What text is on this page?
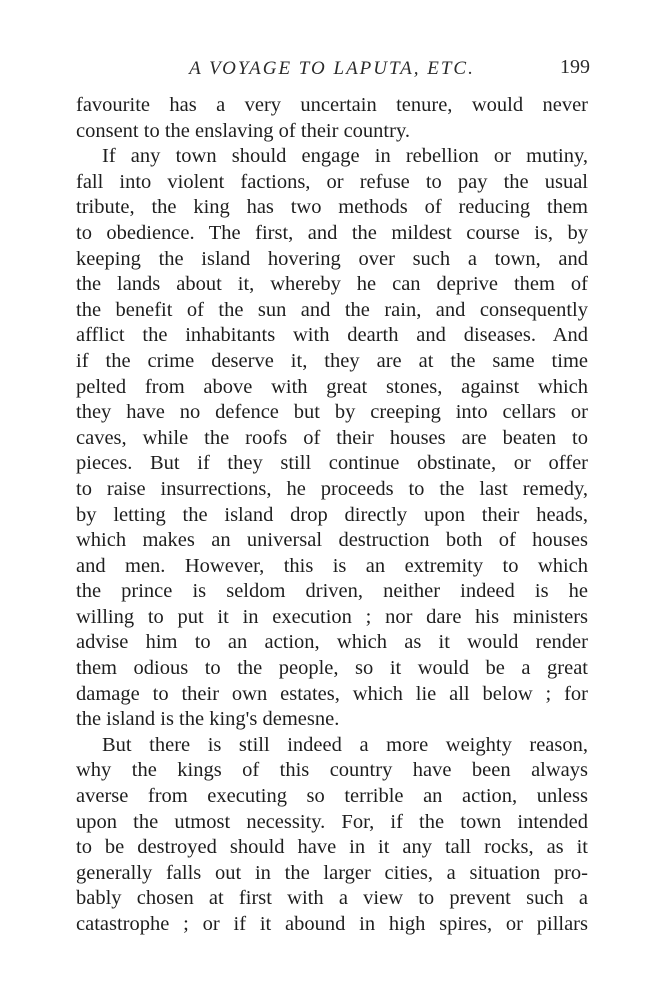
A VOYAGE TO LAPUTA, ETC.	199

favourite has a very uncertain tenure, would never
consent to the enslaving of their country.

If any town should engage in rebellion or mutiny,
fall into violent factions, or refuse to pay the usual
tribute, the king has two methods of reducing them
to obedience. The first, and the mildest course is, by
keeping the island hovering over such a town, and
the lands about it, whereby he can deprive them of
the benefit of the sun and the rain, and consequently
afflict the inhabitants with dearth and diseases. And
if the crime deserve it, they are at the same time
pelted from above with great stones, against which
they have no defence but by creeping into cellars or
caves, while the roofs of their houses are beaten to
pieces. But if they still continue obstinate, or offer
to raise insurrections, he proceeds to the last remedy,
by letting the island drop directly upon their heads,
which makes an universal destruction both of houses
and men. However, this is an extremity to which
the prince is seldom driven, neither indeed is he
willing to put it in execution ; nor dare his ministers
advise him to an action, which as it would render
them odious to the people, so it would be a great
damage to their own estates, which lie all below ; for
the island is the king's demesne.

But there is still indeed a more weighty reason,
why the kings of this country have been always
averse from executing so terrible an action, unless
upon the utmost necessity. For, if the town intended
to be destroyed should have in it any tall rocks, as it
generally falls out in the larger cities, a situation pro-
bably chosen at first with a view to prevent such a
catastrophe ; or if it abound in high spires, or pillars
